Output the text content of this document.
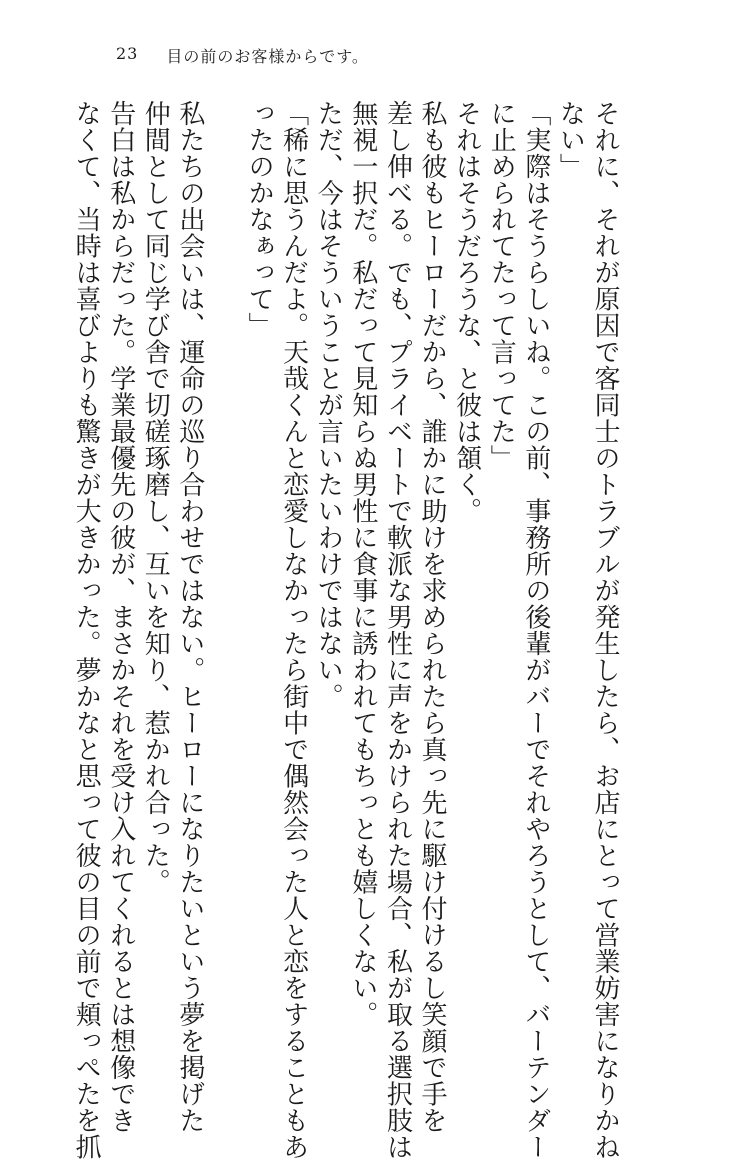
23 目の前のお客様からです。
それに、それが原因で客同士のトラブルが発生したら、お店にとって営業妨害になりかね
ない」
「実際はそうらしいね。この前、事務所の後輩がバーでそれやろうとして、バーテンダー
に止められてたって言ってた」
それはそうだろうな、と彼は頷く。
私も彼もヒーローだから、誰かに助けを求められたら真っ先に駆け付けるし笑顔で手を
差し伸べる。でも、プライベートで軟派な男性に声をかけられた場合、私が取る選択肢は
無視一択だ。私だって見知らぬ男性に食事に誘われてもちっとも嬉しくない。
ただ、今はそういうことが言いたいわけではない。
「稀に思うんだよ。天哉くんと恋愛しなかったら街中で偶然会った人と恋をすることもあ
ったのかなぁって」
私たちの出会いは、運命の巡り合わせではない。ヒーローになりたいという夢を掲げた
仲間として同じ学び舎で切磋琢磨し、互いを知り、惹かれ合った。
告白は私からだった。学業最優先の彼が、まさかそれを受け入れてくれるとは想像でき
なくて、当時は喜びよりも驚きが大きかった。夢かなと思って彼の目の前で頬っぺたを抓
